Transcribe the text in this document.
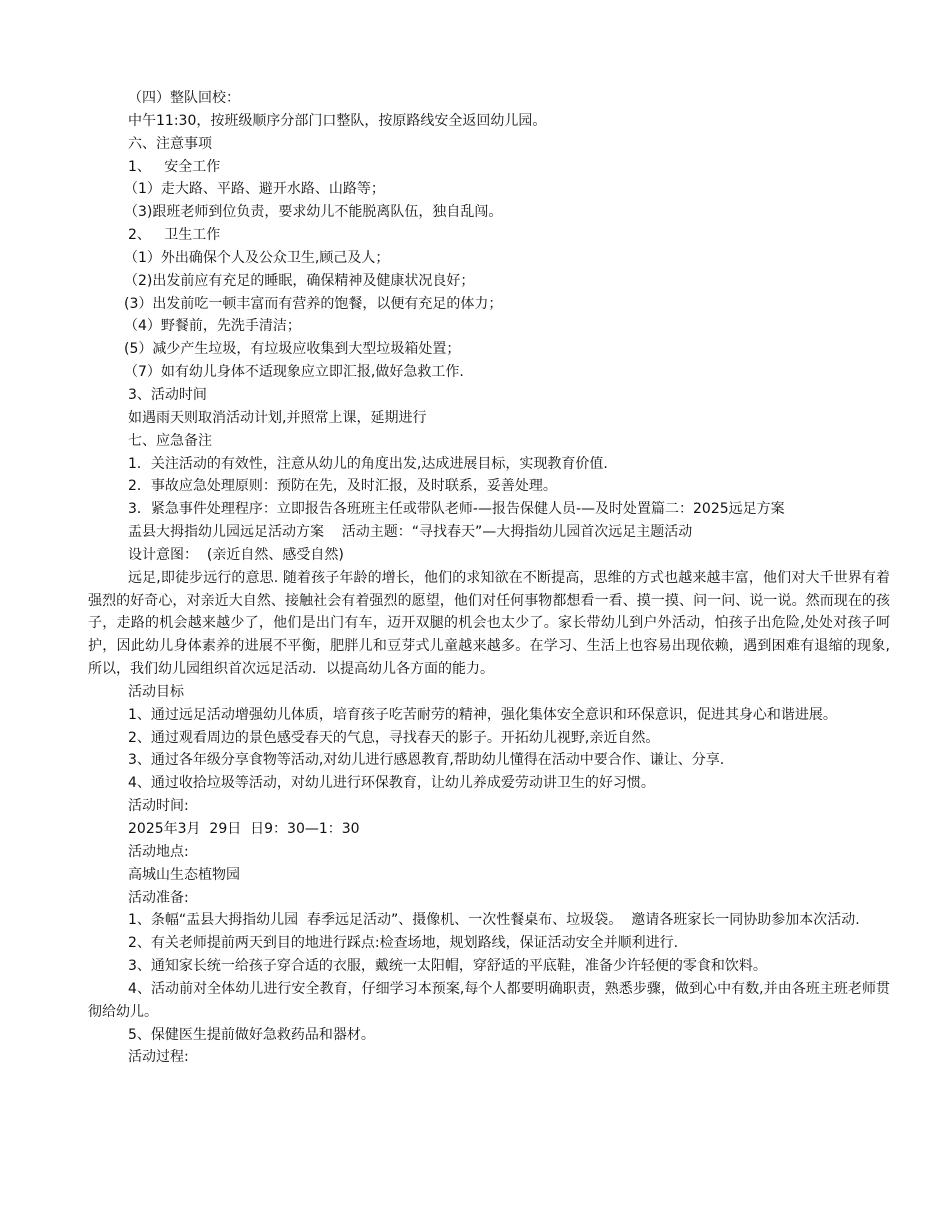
（四）整队回校：
中午11:30，按班级顺序分部门口整队，按原路线安全返回幼儿园。
六、注意事项
1、   安全工作
（1）走大路、平路、避开水路、山路等；
（3)跟班老师到位负责，要求幼儿不能脱离队伍，独自乱闯。
2、   卫生工作
（1）外出确保个人及公众卫生,顾己及人；
（2)出发前应有充足的睡眠，确保精神及健康状况良好；
(3）出发前吃一顿丰富而有营养的饱餐，以便有充足的体力；
（4）野餐前，先洗手清洁；
(5）减少产生垃圾，有垃圾应收集到大型垃圾箱处置；
（7）如有幼儿身体不适现象应立即汇报,做好急救工作.
3、活动时间
如遇雨天则取消活动计划,并照常上课，延期进行
七、应急备注
1．关注活动的有效性，注意从幼儿的角度出发,达成进展目标，实现教育价值.
2．事故应急处理原则：预防在先，及时汇报，及时联系，妥善处理。
3．紧急事件处理程序：立即报告各班班主任或带队老师-—报告保健人员-—及时处置篇二：2025远足方案
盂县大拇指幼儿园远足活动方案    活动主题：“寻找春天”—大拇指幼儿园首次远足主题活动
设计意图：  (亲近自然、感受自然)
远足,即徒步远行的意思. 随着孩子年龄的增长，他们的求知欲在不断提高，思维的方式也越来越丰富，他们对大千世界有着强烈的好奇心，对亲近大自然、接触社会有着强烈的愿望，他们对任何事物都想看一看、摸一摸、问一问、说一说。然而现在的孩子，走路的机会越来越少了，他们是出门有车，迈开双腿的机会也太少了。家长带幼儿到户外活动，怕孩子出危险,处处对孩子呵护，因此幼儿身体素养的进展不平衡，肥胖儿和豆芽式儿童越来越多。在学习、生活上也容易出现依赖，遇到困难有退缩的现象,所以，我们幼儿园组织首次远足活动．以提高幼儿各方面的能力。
活动目标
1、通过远足活动增强幼儿体质，培育孩子吃苦耐劳的精神，强化集体安全意识和环保意识，促进其身心和谐进展。
2、通过观看周边的景色感受春天的气息，寻找春天的影子。开拓幼儿视野,亲近自然。
3、通过各年级分享食物等活动,对幼儿进行感恩教育,帮助幼儿懂得在活动中要合作、谦让、分享.
4、通过收拾垃圾等活动，对幼儿进行环保教育，让幼儿养成爱劳动讲卫生的好习惯。
活动时间:
2025年3月  29日  日9：30—1：30
活动地点:
高城山生态植物园
活动准备:
1、条幅“盂县大拇指幼儿园  春季远足活动”、摄像机、一次性餐桌布、垃圾袋。  邀请各班家长一同协助参加本次活动.
2、有关老师提前两天到目的地进行踩点:检查场地，规划路线，保证活动安全并顺利进行.
3、通知家长统一给孩子穿合适的衣服，戴统一太阳帽，穿舒适的平底鞋，准备少许轻便的零食和饮料。
4、活动前对全体幼儿进行安全教育，仔细学习本预案,每个人都要明确职责，熟悉步骤，做到心中有数,并由各班主班老师贯彻给幼儿。
5、保健医生提前做好急救药品和器材。
活动过程:
